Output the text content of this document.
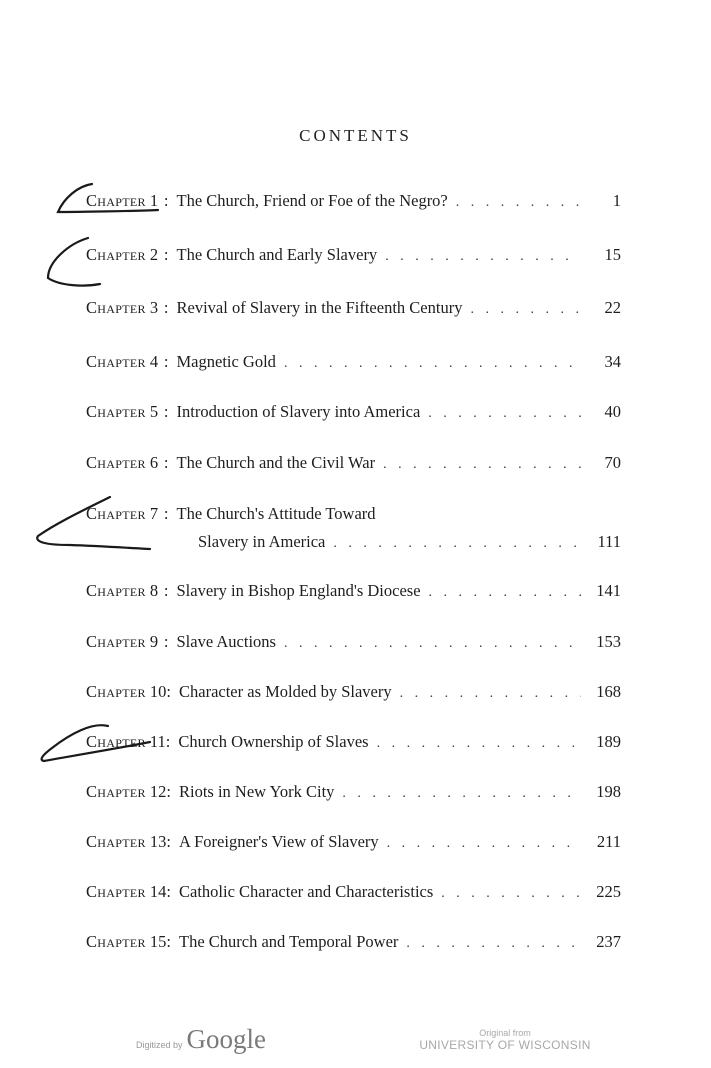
CONTENTS
Chapter
1 : The Church, Friend or Foe of the Negro? . . .	1
Chapter
2 : The Church and Early Slavery . . .	15
Chapter
3 : Revival of Slavery in the Fifteenth Century . . .	22
Chapter
4 : Magnetic Gold . . .	34
Chapter
5 : Introduction of Slavery into America . . .	40
Chapter
6 : The Church and the Civil War . . .	70
Chapter
7 : The Church's Attitude Toward
Slavery in America . . .	111
Chapter
8 : Slavery in Bishop England's Diocese . . .	141
Chapter
9 : Slave Auctions . . .	153
Chapter
10 : Character as Molded by Slavery . . .	168
Chapter
11 : Church Ownership of Slaves . . .	189
Chapter
12 : Riots in New York City . . .	198
Chapter
13 : A Foreigner's View of Slavery . . .	211
Chapter
14 : Catholic Character and Characteristics . . .	225
Chapter
15 : The Church and Temporal Power . . .	237
Digitized by Google	Original from
UNIVERSITY OF WISCONSIN
